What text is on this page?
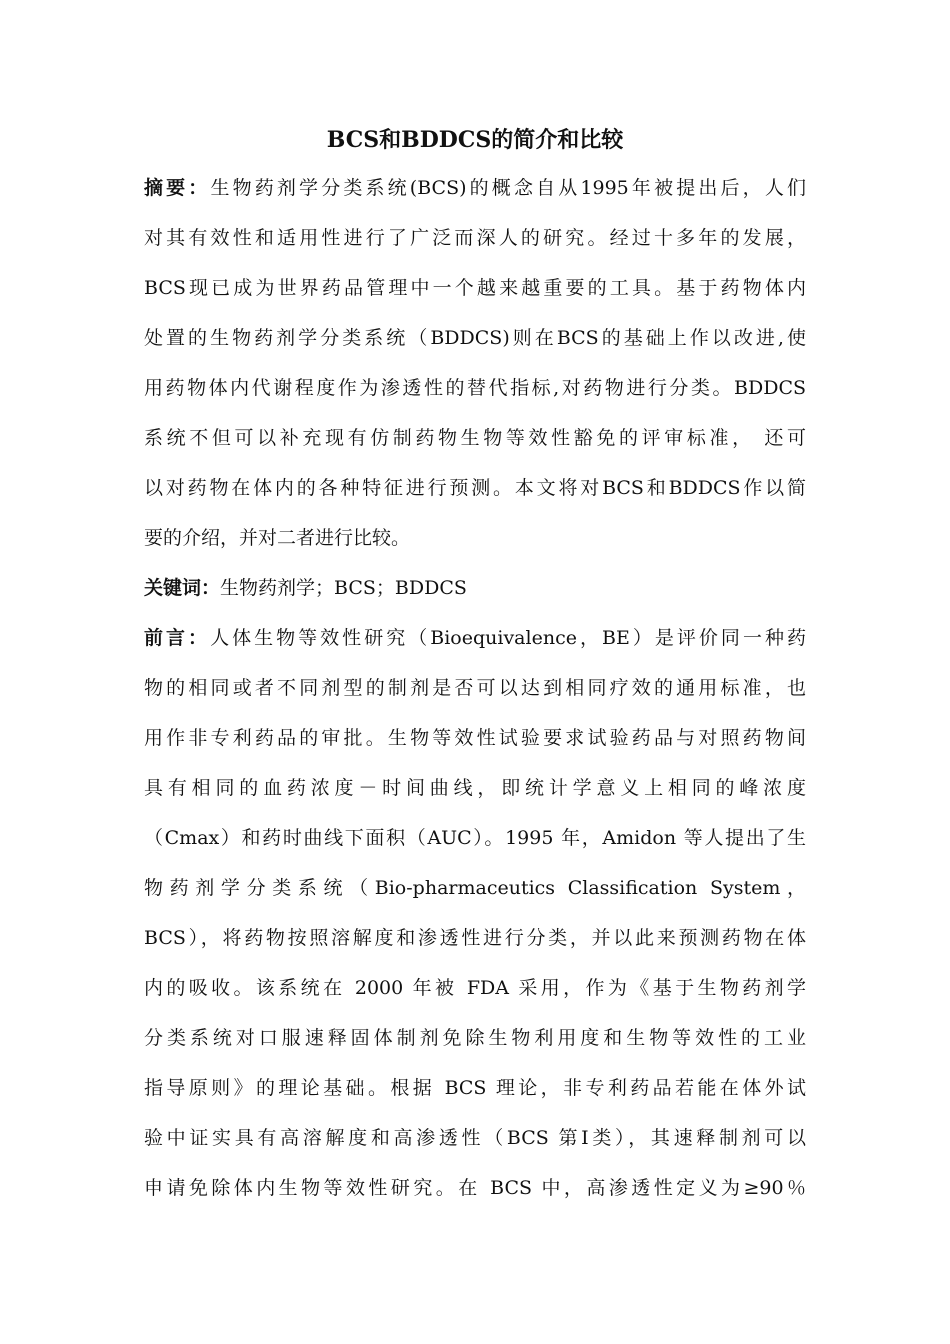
BCS和BDDCS的简介和比较

摘要：生物药剂学分类系统(BCS)的概念自从1995年被提出后，人们

对其有效性和适用性进行了广泛而深人的研究。经过十多年的发展，

BCS现已成为世界药品管理中一个越来越重要的工具。基于药物体内

处置的生物药剂学分类系统（BDDCS)则在BCS的基础上作以改进,使

用药物体内代谢程度作为渗透性的替代指标,对药物进行分类。BDDCS

系统不但可以补充现有仿制药物生物等效性豁免的评审标准， 还可

以对药物在体内的各种特征进行预测。本文将对BCS和BDDCS作以简

要的介绍，并对二者进行比较。

关键词：生物药剂学；BCS；BDDCS

前言：人体生物等效性研究（Bioequivalence，BE）是评价同一种药

物的相同或者不同剂型的制剂是否可以达到相同疗效的通用标准，也

用作非专利药品的审批。生物等效性试验要求试验药品与对照药物间

具有相同的血药浓度－时间曲线，即统计学意义上相同的峰浓度

（Cmax）和药时曲线下面积（AUC）。1995 年，Amidon 等人提出了生

物药剂学分类系统（Bio-pharmaceutics Classification System，

BCS），将药物按照溶解度和渗透性进行分类，并以此来预测药物在体

内的吸收。该系统在 2000 年被 FDA 采用，作为《基于生物药剂学

分类系统对口服速释固体制剂免除生物利用度和生物等效性的工业

指导原则》的理论基础。根据 BCS 理论，非专利药品若能在体外试

验中证实具有高溶解度和高渗透性（BCS 第Ⅰ类），其速释制剂可以

申请免除体内生物等效性研究。在 BCS 中，高渗透性定义为≥90％
